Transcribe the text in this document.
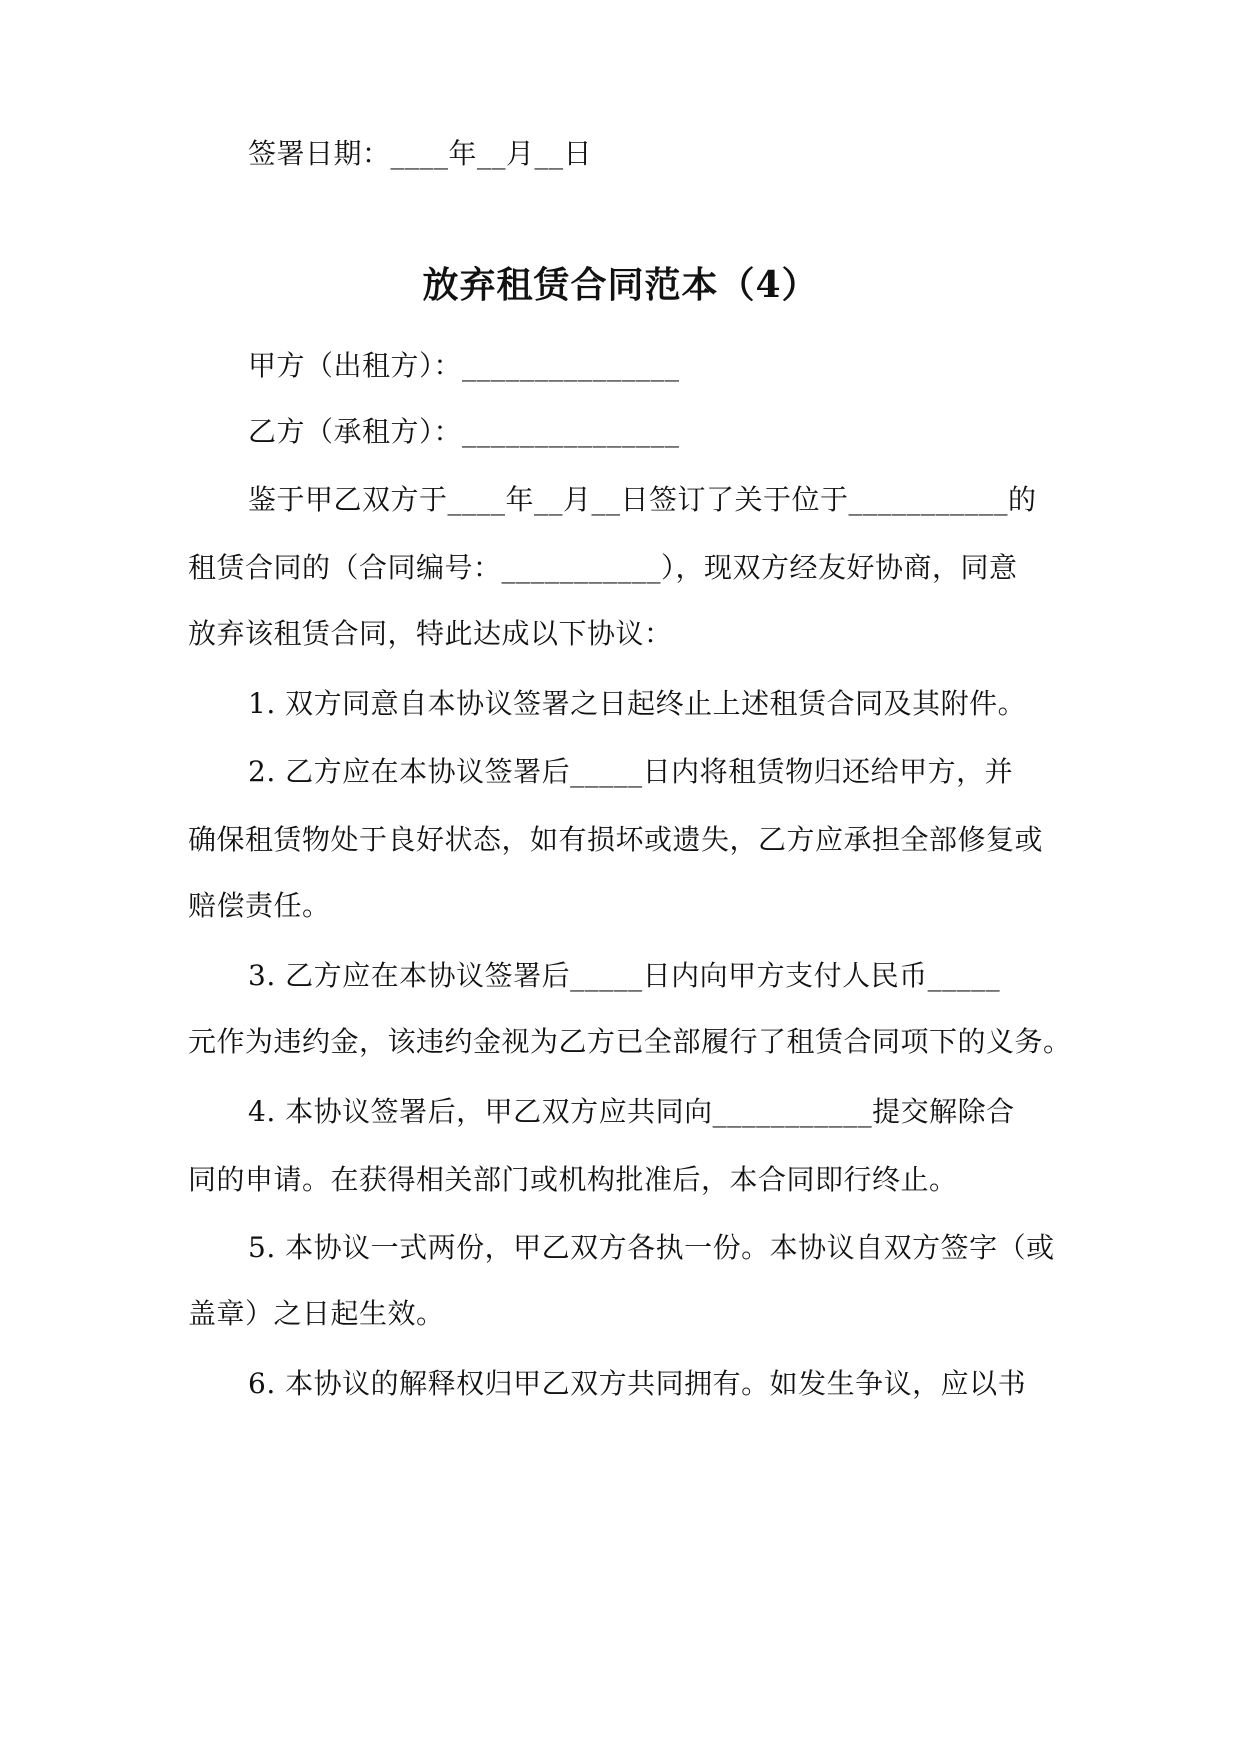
签署日期：____年__月__日
放弃租赁合同范本（4）
甲方（出租方）：_______________
乙方（承租方）：_______________
鉴于甲乙双方于____年__月__日签订了关于位于___________的
租赁合同的（合同编号：___________），现双方经友好协商，同意
放弃该租赁合同，特此达成以下协议：
1. 双方同意自本协议签署之日起终止上述租赁合同及其附件。
2. 乙方应在本协议签署后_____日内将租赁物归还给甲方，并
确保租赁物处于良好状态，如有损坏或遗失，乙方应承担全部修复或
赔偿责任。
3. 乙方应在本协议签署后_____日内向甲方支付人民币_____
元作为违约金，该违约金视为乙方已全部履行了租赁合同项下的义务。
4. 本协议签署后，甲乙双方应共同向___________提交解除合
同的申请。在获得相关部门或机构批准后，本合同即行终止。
5. 本协议一式两份，甲乙双方各执一份。本协议自双方签字（或
盖章）之日起生效。
6. 本协议的解释权归甲乙双方共同拥有。如发生争议，应以书
